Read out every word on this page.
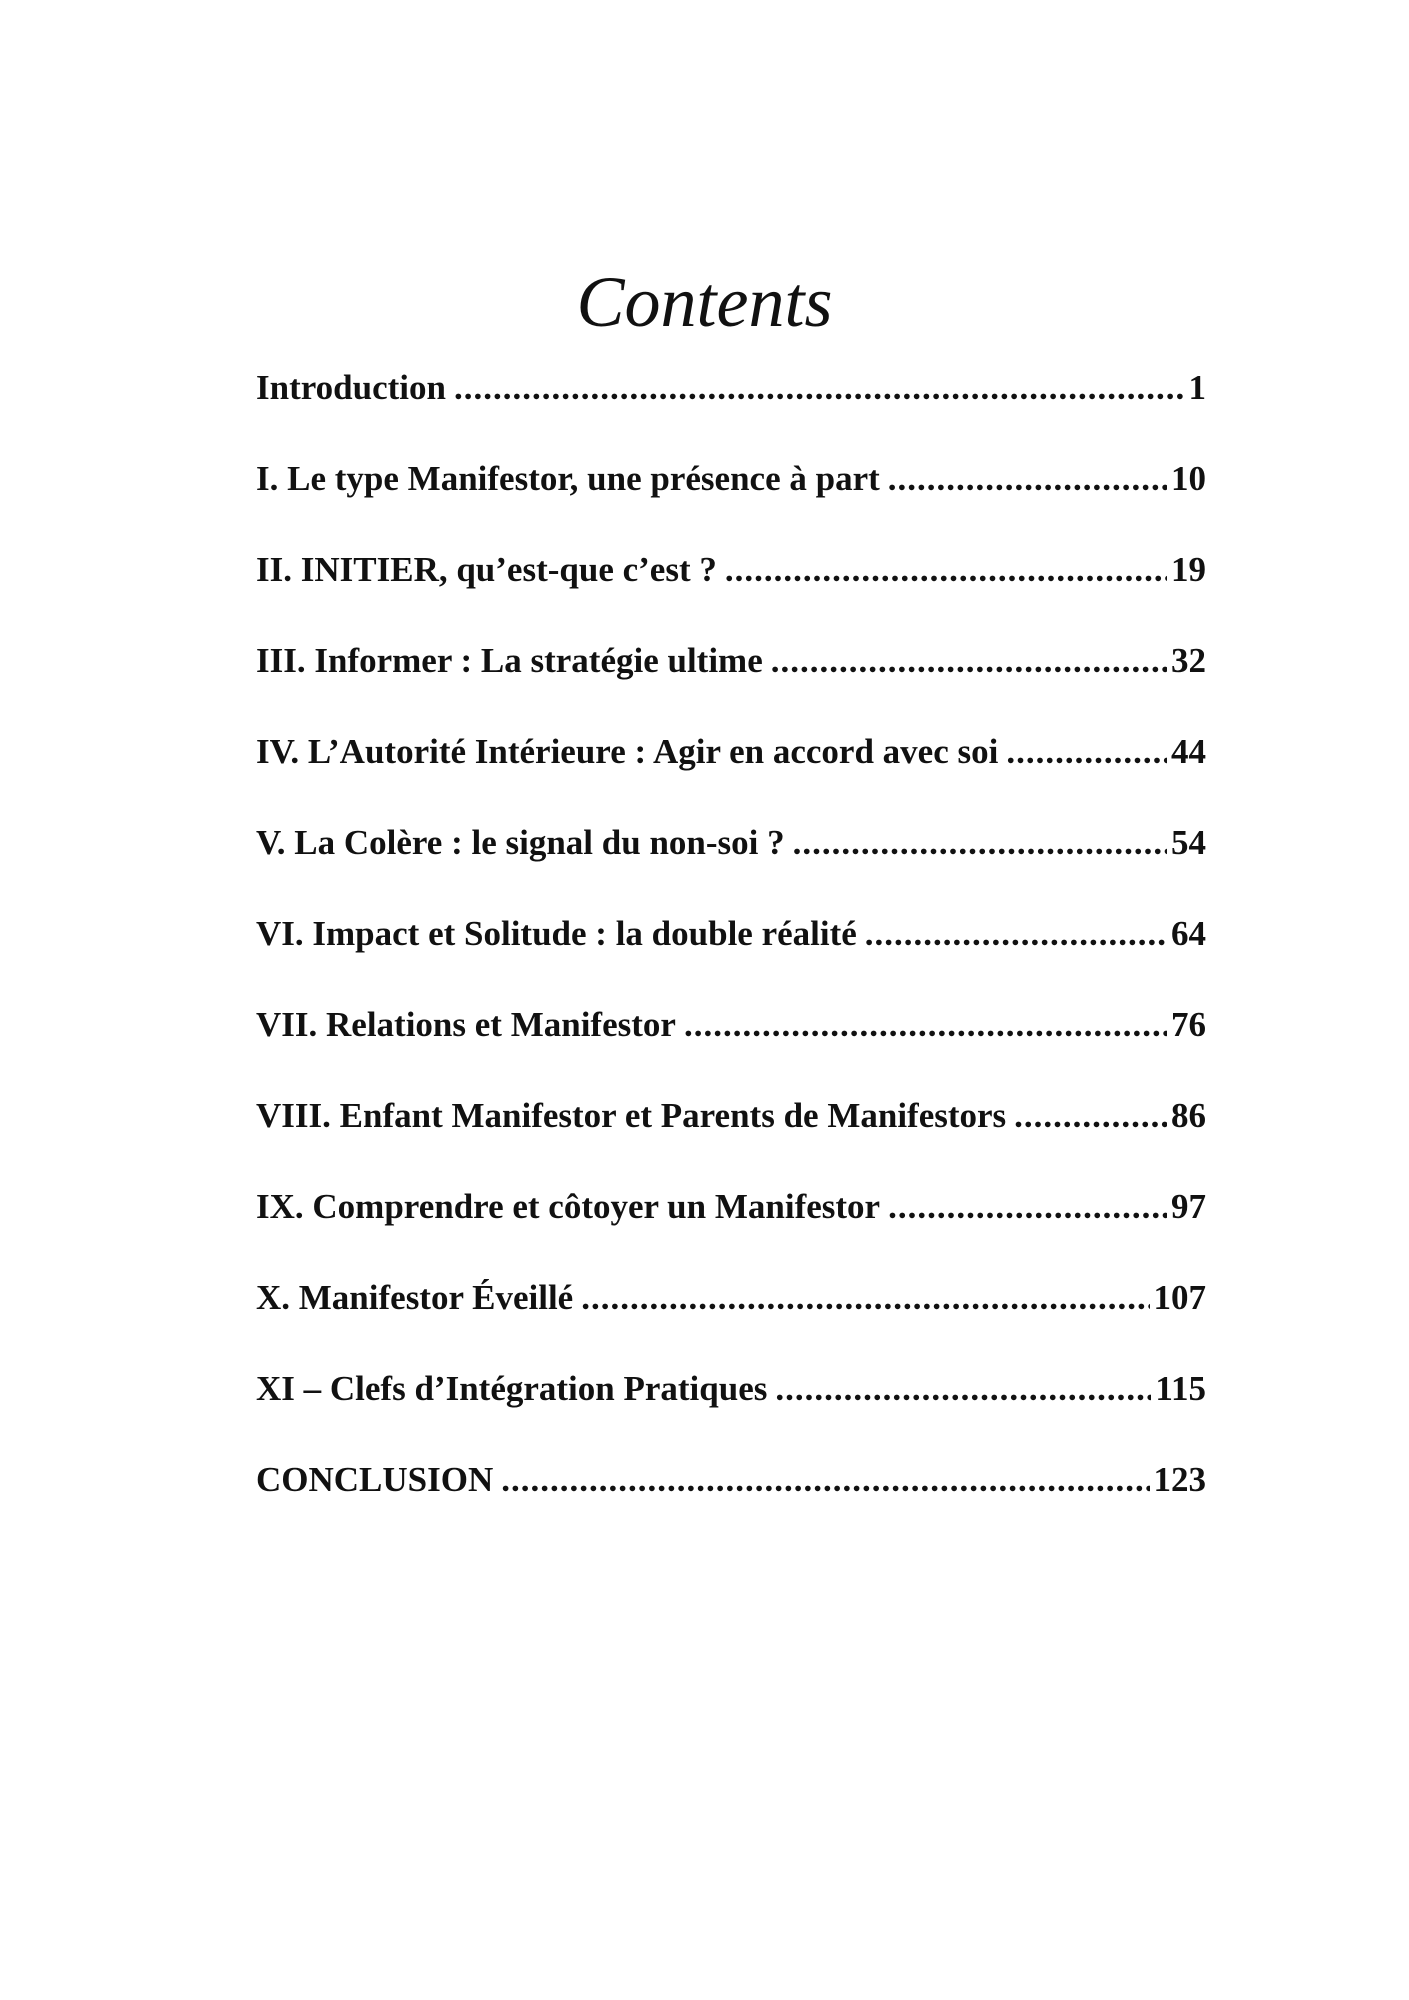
Contents
Introduction .....	1
I. Le type Manifestor, une présence à part .....	10
II. INITIER, qu’est-que c’est ? .....	19
III. Informer : La stratégie ultime .....	32
IV. L’Autorité Intérieure : Agir en accord avec soi .....	44
V. La Colère : le signal du non-soi ? .....	54
VI. Impact et Solitude : la double réalité .....	64
VII. Relations et Manifestor .....	76
VIII. Enfant Manifestor et Parents de Manifestors .....	86
IX. Comprendre et côtoyer un Manifestor .....	97
X. Manifestor Éveillé .....	107
XI – Clefs d’Intégration Pratiques .....	115
CONCLUSION .....	123
